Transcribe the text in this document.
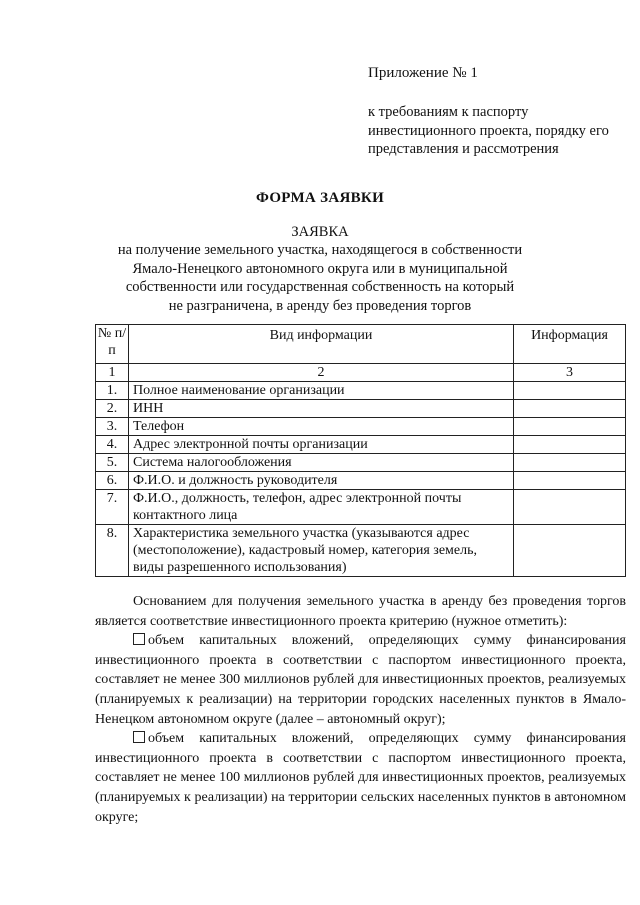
Приложение № 1
к требованиям к паспорту
инвестиционного проекта, порядку его
представления и рассмотрения
ФОРМА ЗАЯВКИ
ЗАЯВКА
на получение земельного участка, находящегося в собственности
Ямало-Ненецкого автономного округа или в муниципальной
собственности или государственная собственность на который
не разграничена, в аренду без проведения торгов
№ п/п	Вид информации	Информация
1	2	3
1.	Полное наименование организации	
2.	ИНН	
3.	Телефон	
4.	Адрес электронной почты организации	
5.	Система налогообложения	
6.	Ф.И.О. и должность руководителя	
7.	Ф.И.О., должность, телефон, адрес электронной почты контактного лица	
8.	Характеристика земельного участка (указываются адрес (местоположение), кадастровый номер, категория земель, виды разрешенного использования)	

Основанием для получения земельного участка в аренду без проведения торгов является соответствие инвестиционного проекта критерию (нужное отметить):

объем капитальных вложений, определяющих сумму финансирования инвестиционного проекта в соответствии с паспортом инвестиционного проекта, составляет не менее 300 миллионов рублей для инвестиционных проектов, реализуемых (планируемых к реализации) на территории городских населенных пунктов в Ямало-Ненецком автономном округе (далее – автономный округ);

объем капитальных вложений, определяющих сумму финансирования инвестиционного проекта в соответствии с паспортом инвестиционного проекта, составляет не менее 100 миллионов рублей для инвестиционных проектов, реализуемых (планируемых к реализации) на территории сельских населенных пунктов в автономном округе;
